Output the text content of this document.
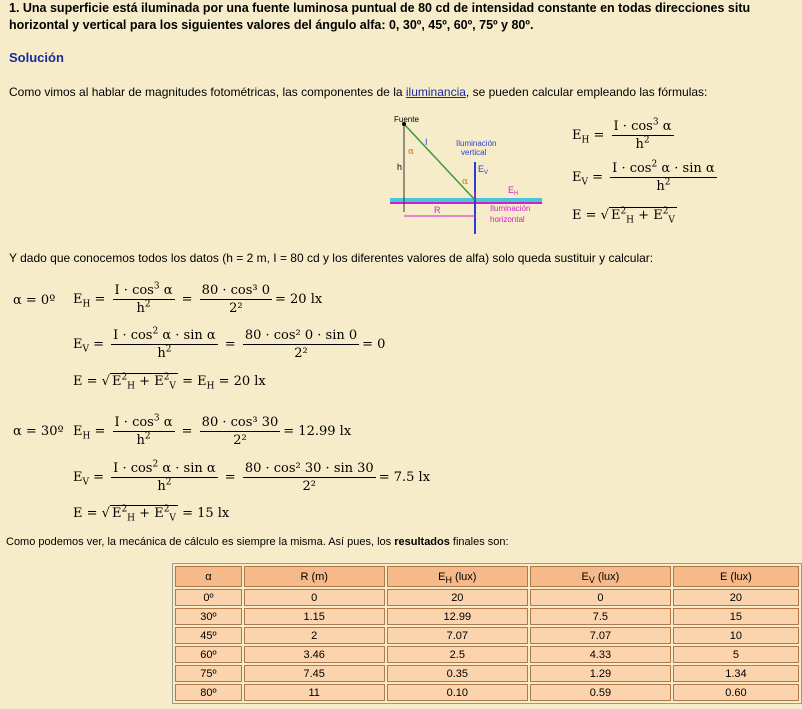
1. Una superficie está iluminada por una fuente luminosa puntual de 80 cd de intensidad constante en todas direcciones situ
horizontal y vertical para los siguientes valores del ángulo alfa: 0, 30º, 45º, 60º, 75º y 80º.
Solución
Como vimos al hablar de magnitudes fotométricas, las componentes de la iluminancia, se pueden calcular empleando las fórmulas:
Fuente
I
h
α
α
$E_V$
$E_H$
R
Iluminación
vertical
Iluminación
horizontal
$E_H = \frac{I \cdot \cos^3 \alpha}{h^2}$
$E_V = \frac{I \cdot \cos^2 \alpha \cdot \sin \alpha}{h^2}$
E = √ $E^2_H + E^2_V$
Y dado que conocemos todos los datos (h = 2 m, I = 80 cd y los diferentes valores de alfa) solo queda sustituir y calcular:
α = 0º $E_H = \frac{I \cdot \cos^3 \alpha}{h^2} = \frac{\text{80 · cos³ 0}}{\text{2²}} = 20$ lx
$E_V = \frac{I \cdot \cos^2 \alpha \cdot \sin \alpha}{h^2} = \frac{\text{80 · cos² 0 · sin 0}}{\text{2²}} = 0$
E = √ $E^2_H + E^2_V = E_H = 20$ lx
α = 30º $E_H = \frac{I \cdot \cos^3 \alpha}{h^2} = \frac{\text{80 · cos³ 30}}{\text{2²}} = 12.99$ lx
$E_V = \frac{I \cdot \cos^2 \alpha \cdot \sin \alpha}{h^2} = \frac{\text{80 · cos² 30 · sin 30}}{\text{2²}} = 7.5$ lx
E = √ $E^2_H + E^2_V = 15$ lx
Como podemos ver, la mecánica de cálculo es siempre la misma. Así pues, los resultados finales son:
α	R (m)	$E_H$ (lux)	$E_V$ (lux)	E (lux)
0º	0	20	0	20
30º	1.15	12.99	7.5	15
45º	2	7.07	7.07	10
60º	3.46	2.5	4.33	5
75º	7.45	0.35	1.29	1.34
80º	11	0.10	0.59	0.60
